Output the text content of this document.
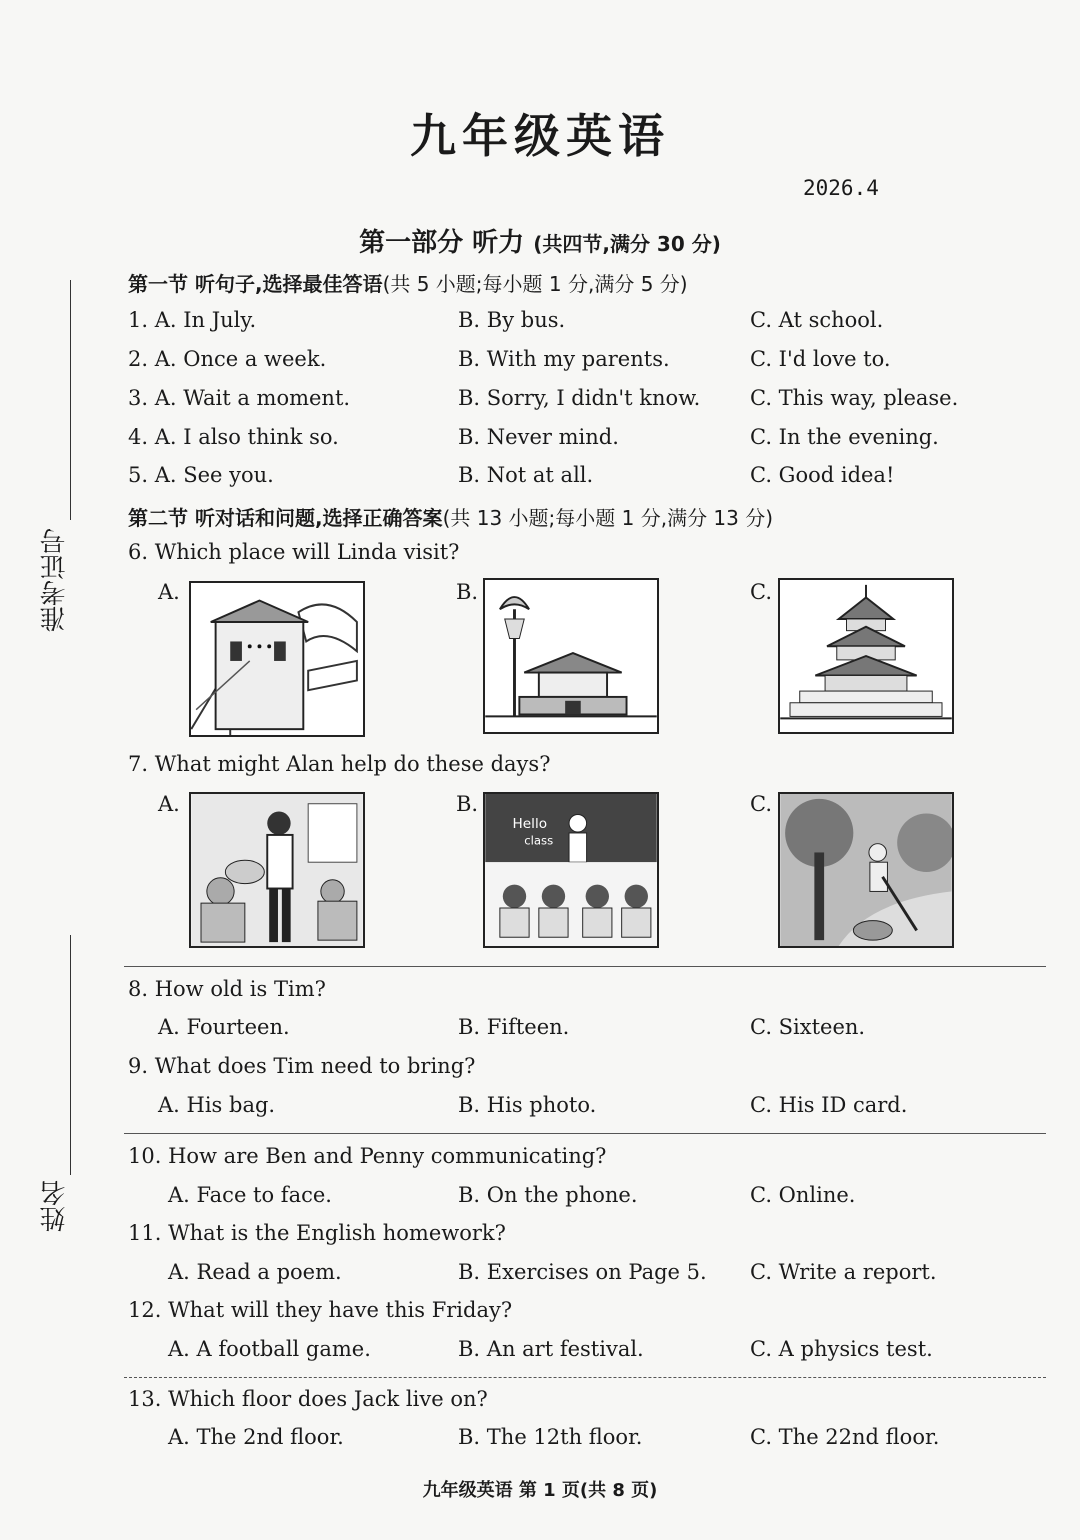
九年级英语
2026.4
第一部分 听力 (共四节,满分 30 分)
准考证号
姓名
第一节 听句子,选择最佳答语(共 5 小题;每小题 1 分,满分 5 分)
1. A. In July.	B. By bus.	C. At school.
2. A. Once a week.	B. With my parents.	C. I'd love to.
3. A. Wait a moment.	B. Sorry, I didn't know. C. This way, please.
4. A. I also think so.	B. Never mind.	C. In the evening.
5. A. See you.	B. Not at all.	C. Good idea!
第二节 听对话和问题,选择正确答案(共 13 小题;每小题 1 分,满分 13 分)
6. Which place will Linda visit?
A.	B.	C.
7. What might Alan help do these days?
A.	B.	C.
Hello
class
8. How old is Tim?
A. Fourteen.	B. Fifteen.	C. Sixteen.
9. What does Tim need to bring?
A. His bag.	B. His photo.	C. His ID card.
10. How are Ben and Penny communicating?
A. Face to face.	B. On the phone.	C. Online.
11. What is the English homework?
A. Read a poem.	B. Exercises on Page 5. C. Write a report.
12. What will they have this Friday?
A. A football game.	B. An art festival.	C. A physics test.
13. Which floor does Jack live on?
A. The 2nd floor.	B. The 12th floor.	C. The 22nd floor.
九年级英语 第 1 页(共 8 页)
